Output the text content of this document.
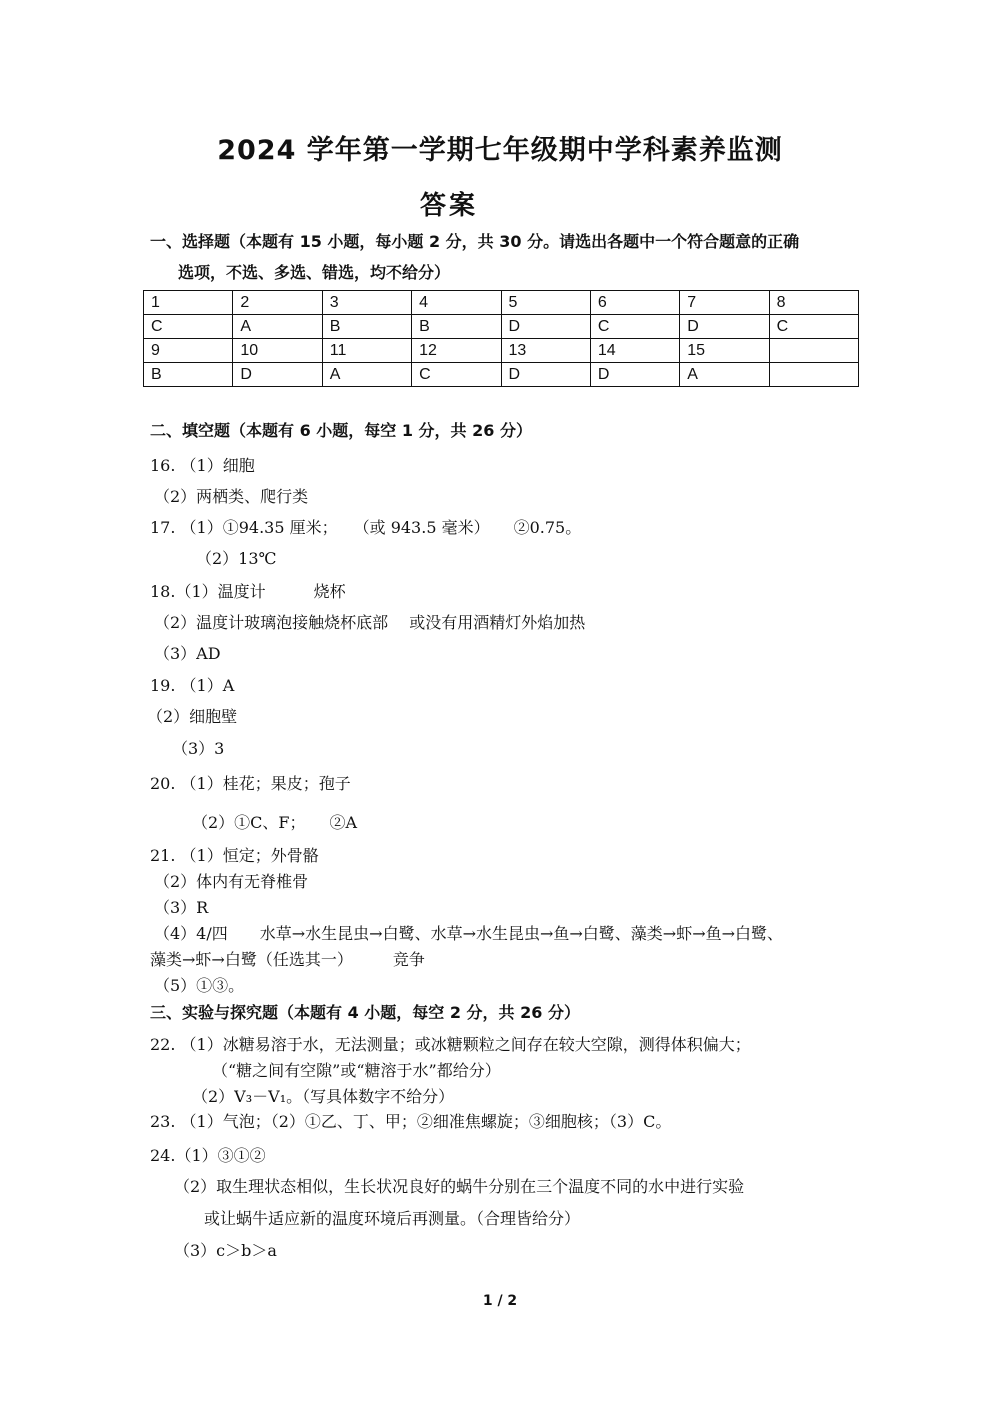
2024 学年第一学期七年级期中学科素养监测
答案
一、选择题（本题有 15 小题，每小题 2 分，共 30 分。请选出各题中一个符合题意的正确
选项，不选、多选、错选，均不给分）
1	2	3	4	5	6	7	8
C	A	B	B	D	C	D	C
9	10	11	12	13	14	15	
B	D	A	C	D	D	A	
二、填空题（本题有 6 小题，每空 1 分，共 26 分）
16. （1）细胞
（2）两栖类、爬行类
17. （1）①94.35 厘米；　　（或 943.5 毫米）　　②0.75。
（2）13℃
18.（1）温度计　　　烧杯
（2）温度计玻璃泡接触烧杯底部　 或没有用酒精灯外焰加热
（3）AD
19. （1）A
（2）细胞壁
（3）3
20. （1）桂花；果皮；孢子
（2）①C、F；　　②A
21. （1）恒定；外骨骼
（2）体内有无脊椎骨
（3）R
（4）4/四　　水草→水生昆虫→白鹭、水草→水生昆虫→鱼→白鹭、藻类→虾→鱼→白鹭、
藻类→虾→白鹭（任选其一）　　　竞争
（5）①③。
三、实验与探究题（本题有 4 小题，每空 2 分，共 26 分）
22. （1）冰糖易溶于水，无法测量；或冰糖颗粒之间存在较大空隙，测得体积偏大；
（“糖之间有空隙”或“糖溶于水”都给分）
（2）V₃－V₁。（写具体数字不给分）
23. （1）气泡；（2）①乙、丁、甲；②细准焦螺旋；③细胞核；（3）C。
24.（1）③①②
（2）取生理状态相似，生长状况良好的蜗牛分别在三个温度不同的水中进行实验
或让蜗牛适应新的温度环境后再测量。（合理皆给分）
（3）c＞b＞a
1 / 2
